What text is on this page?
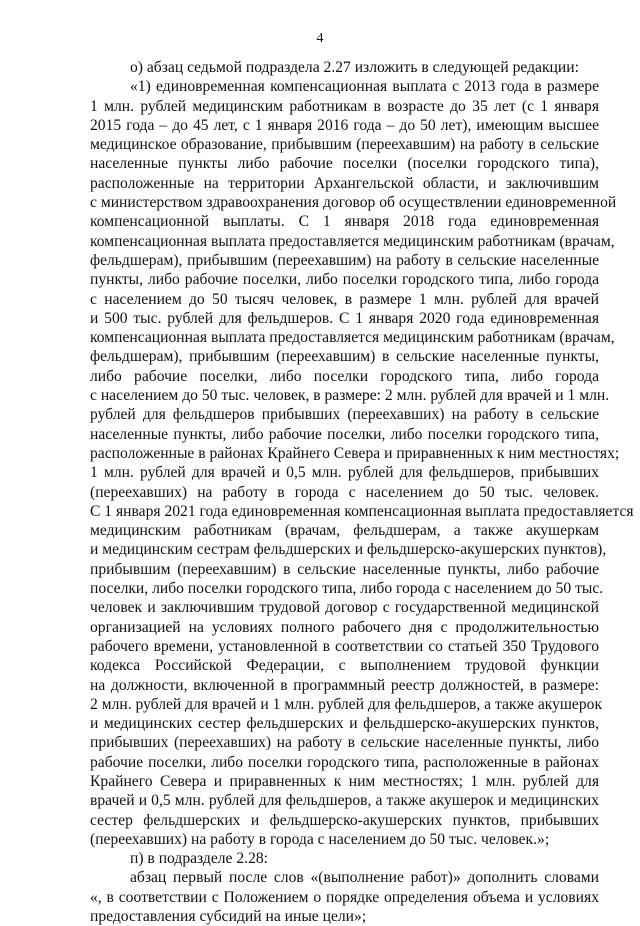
4
о) абзац седьмой подраздела 2.27 изложить в следующей редакции:
«1) единовременная компенсационная выплата с 2013 года в размере
1 млн. рублей медицинским работникам в возрасте до 35 лет (с 1 января
2015 года – до 45 лет, с 1 января 2016 года – до 50 лет), имеющим высшее
медицинское образование, прибывшим (переехавшим) на работу в сельские
населенные пункты либо рабочие поселки (поселки городского типа),
расположенные на территории Архангельской области, и заключившим
с министерством здравоохранения договор об осуществлении единовременной
компенсационной выплаты. С 1 января 2018 года единовременная
компенсационная выплата предоставляется медицинским работникам (врачам,
фельдшерам), прибывшим (переехавшим) на работу в сельские населенные
пункты, либо рабочие поселки, либо поселки городского типа, либо города
с населением до 50 тысяч человек, в размере 1 млн. рублей для врачей
и 500 тыс. рублей для фельдшеров. С 1 января 2020 года единовременная
компенсационная выплата предоставляется медицинским работникам (врачам,
фельдшерам), прибывшим (переехавшим) в сельские населенные пункты,
либо рабочие поселки, либо поселки городского типа, либо города
с населением до 50 тыс. человек, в размере: 2 млн. рублей для врачей и 1 млн.
рублей для фельдшеров прибывших (переехавших) на работу в сельские
населенные пункты, либо рабочие поселки, либо поселки городского типа,
расположенные в районах Крайнего Севера и приравненных к ним местностях;
1 млн. рублей для врачей и 0,5 млн. рублей для фельдшеров, прибывших
(переехавших) на работу в города с населением до 50 тыс. человек.
С 1 января 2021 года единовременная компенсационная выплата предоставляется
медицинским работникам (врачам, фельдшерам, а также акушеркам
и медицинским сестрам фельдшерских и фельдшерско-акушерских пунктов),
прибывшим (переехавшим) в сельские населенные пункты, либо рабочие
поселки, либо поселки городского типа, либо города с населением до 50 тыс.
человек и заключившим трудовой договор с государственной медицинской
организацией на условиях полного рабочего дня с продолжительностью
рабочего времени, установленной в соответствии со статьей 350 Трудового
кодекса Российской Федерации, с выполнением трудовой функции
на должности, включенной в программный реестр должностей, в размере:
2 млн. рублей для врачей и 1 млн. рублей для фельдшеров, а также акушерок
и медицинских сестер фельдшерских и фельдшерско-акушерских пунктов,
прибывших (переехавших) на работу в сельские населенные пункты, либо
рабочие поселки, либо поселки городского типа, расположенные в районах
Крайнего Севера и приравненных к ним местностях; 1 млн. рублей для
врачей и 0,5 млн. рублей для фельдшеров, а также акушерок и медицинских
сестер фельдшерских и фельдшерско-акушерских пунктов, прибывших
(переехавших) на работу в города с населением до 50 тыс. человек.»;
п) в подразделе 2.28:
абзац первый после слов «(выполнение работ)» дополнить словами
«, в соответствии с Положением о порядке определения объема и условиях
предоставления субсидий на иные цели»;
